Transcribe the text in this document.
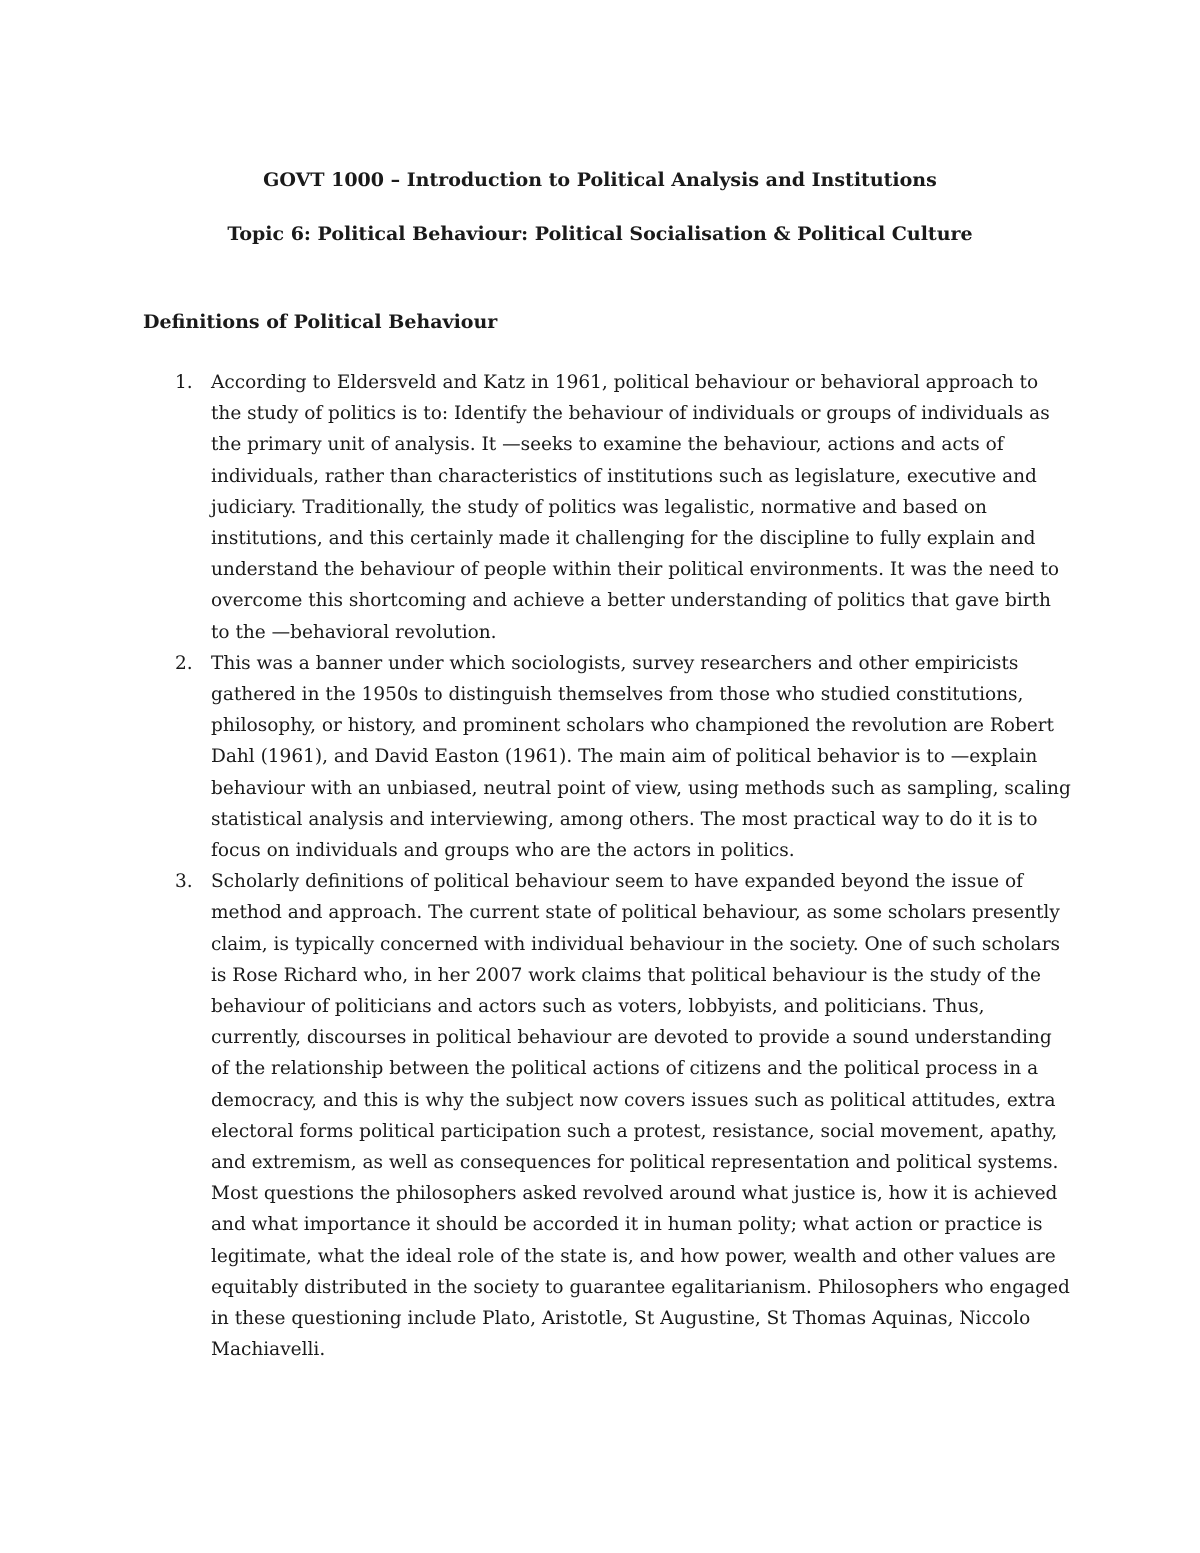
GOVT 1000 – Introduction to Political Analysis and Institutions
Topic 6: Political Behaviour: Political Socialisation & Political Culture
Definitions of Political Behaviour
1. According to Eldersveld and Katz in 1961, political behaviour or behavioral approach to the study of politics is to: Identify the behaviour of individuals or groups of individuals as the primary unit of analysis. It —seeks to examine the behaviour, actions and acts of individuals, rather than characteristics of institutions such as legislature, executive and judiciary. Traditionally, the study of politics was legalistic, normative and based on institutions, and this certainly made it challenging for the discipline to fully explain and understand the behaviour of people within their political environments. It was the need to overcome this shortcoming and achieve a better understanding of politics that gave birth to the —behavioral revolution.

2. This was a banner under which sociologists, survey researchers and other empiricists gathered in the 1950s to distinguish themselves from those who studied constitutions, philosophy, or history, and prominent scholars who championed the revolution are Robert Dahl (1961), and David Easton (1961). The main aim of political behavior is to —explain behaviour with an unbiased, neutral point of view, using methods such as sampling, scaling statistical analysis and interviewing, among others. The most practical way to do it is to focus on individuals and groups who are the actors in politics.

3. Scholarly definitions of political behaviour seem to have expanded beyond the issue of method and approach. The current state of political behaviour, as some scholars presently claim, is typically concerned with individual behaviour in the society. One of such scholars is Rose Richard who, in her 2007 work claims that political behaviour is the study of the behaviour of politicians and actors such as voters, lobbyists, and politicians. Thus, currently, discourses in political behaviour are devoted to provide a sound understanding of the relationship between the political actions of citizens and the political process in a democracy, and this is why the subject now covers issues such as political attitudes, extra electoral forms political participation such a protest, resistance, social movement, apathy, and extremism, as well as consequences for political representation and political systems. Most questions the philosophers asked revolved around what justice is, how it is achieved and what importance it should be accorded it in human polity; what action or practice is legitimate, what the ideal role of the state is, and how power, wealth and other values are equitably distributed in the society to guarantee egalitarianism. Philosophers who engaged in these questioning include Plato, Aristotle, St Augustine, St Thomas Aquinas, Niccolo Machiavelli.
